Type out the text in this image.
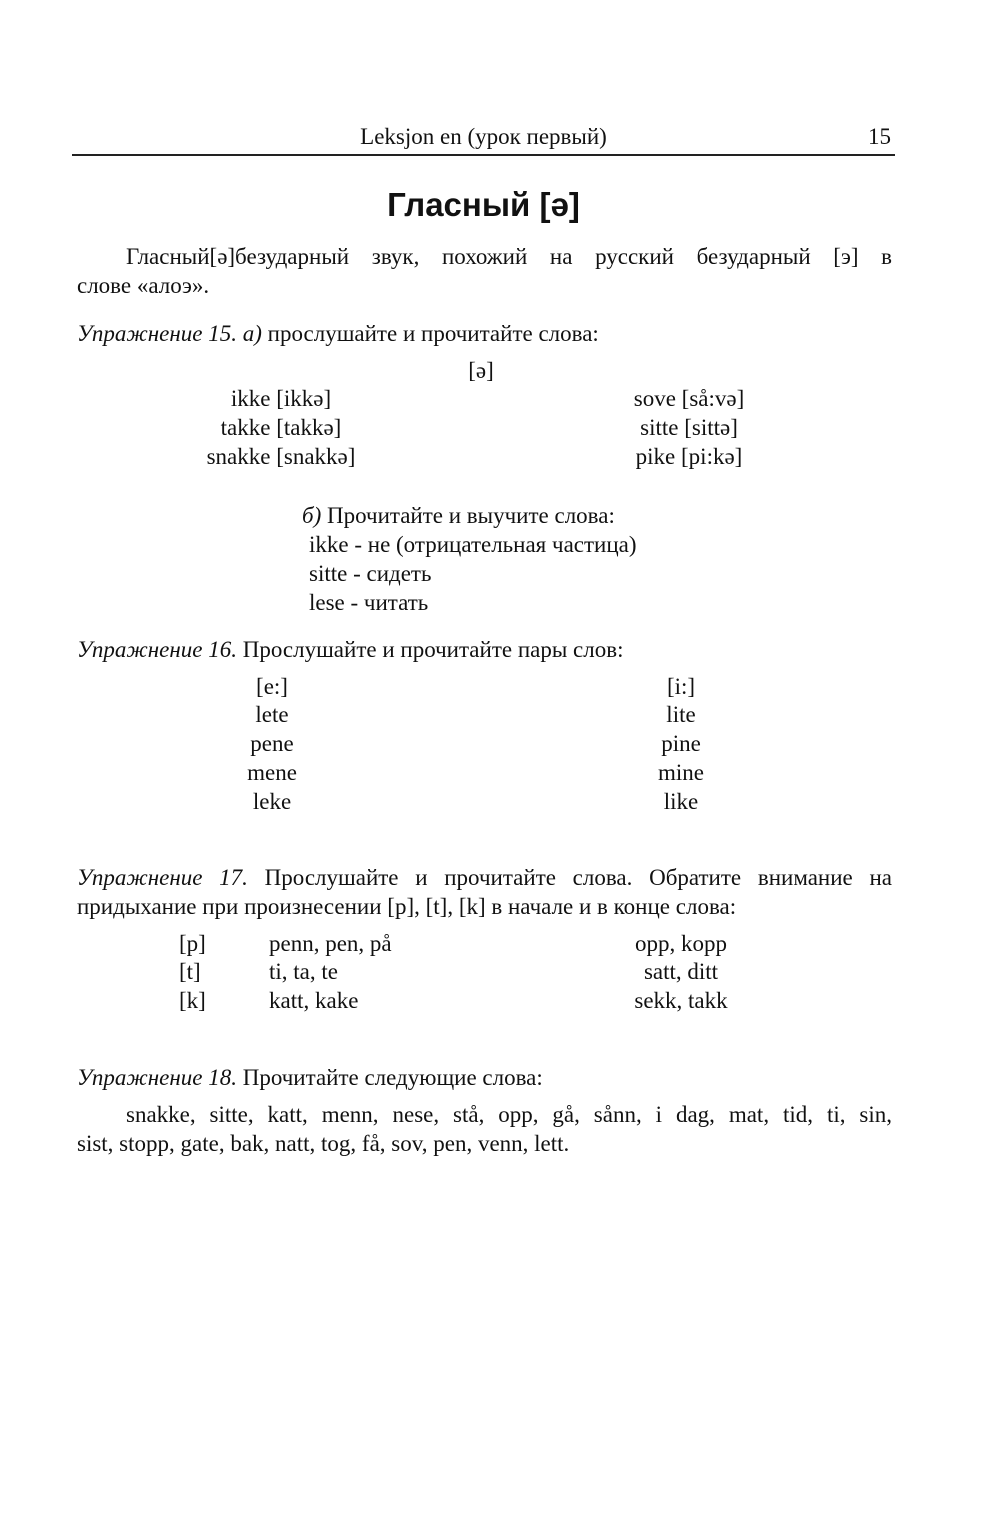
Leksjon en (урок первый)	15
Гласный [ə]
Гласный[ə]безударный звук, похожий на русский безударный [э] в
слове «алоэ».
Упражнение 15. а) прослушайте и прочитайте слова:
[ə]
ikke [ikkə]
takke [takkə]
snakke [snakkə]
sove [så:və]
sitte [sittə]
pike [pi:kə]
б) Прочитайте и выучите слова:
ikke - не (отрицательная частица)
sitte - сидеть
lese - читать
Упражнение 16. Прослушайте и прочитайте пары слов:
[e:]
lete
pene
mene
leke
[i:]
lite
pine
mine
like
Упражнение 17. Прослушайте и прочитайте слова. Обратите внимание на
придыхание при произнесении [p], [t], [k] в начале и в конце слова:
[p]
[t]
[k]
penn, pen, på
ti, ta, te
katt, kake
opp, kopp
satt, ditt
sekk, takk
Упражнение 18. Прочитайте следующие слова:
snakke, sitte, katt, menn, nese, stå, opp, gå, sånn, i dag, mat, tid, ti, sin,
sist, stopp, gate, bak, natt, tog, få, sov, pen, venn, lett.
